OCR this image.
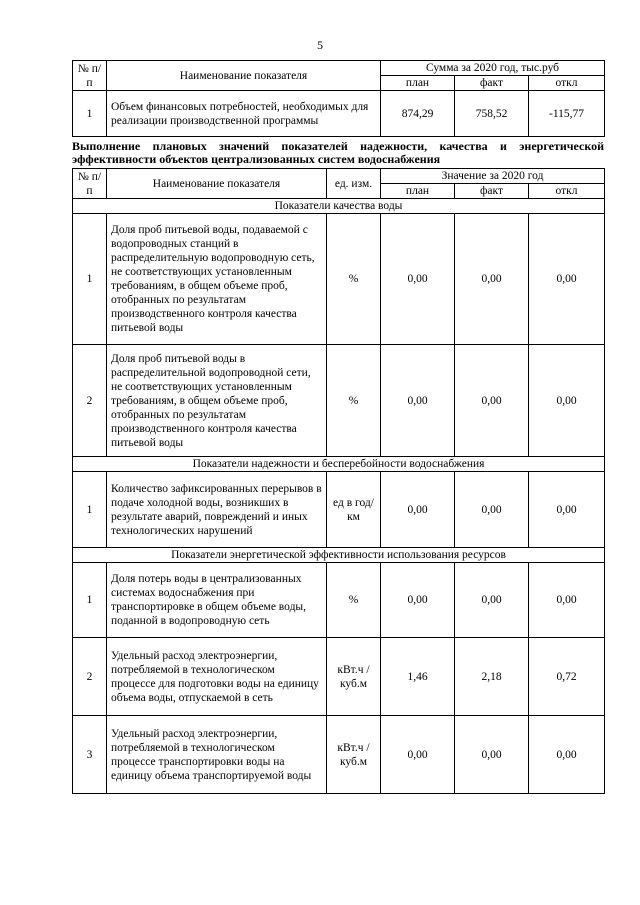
5
№ п/п	Наименование показателя	Сумма за 2020 год, тыс.руб		
		план	факт	откл
1	Объем финансовых потребностей, необходимых для реализации производственной программы	874,29	758,52	-115,77
Выполнение плановых значений показателей надежности, качества и энергетической эффективности объектов централизованных систем водоснабжения
№ п/п	Наименование показателя	ед. изм.	Значение за 2020 год		
			план	факт	откл
Показатели качества воды					
1	Доля проб питьевой воды, подаваемой с водопроводных станций в распределительную водопроводную сеть, не соответствующих установленным требованиям, в общем объеме проб, отобранных по результатам производственного контроля качества питьевой воды	%	0,00	0,00	0,00
2	Доля проб питьевой воды в распределительной водопроводной сети, не соответствующих установленным требованиям, в общем объеме проб, отобранных по результатам производственного контроля качества питьевой воды	%	0,00	0,00	0,00
Показатели надежности и бесперебойности водоснабжения					
1	Количество зафиксированных перерывов в подаче холодной воды, возникших в результате аварий, повреждений и иных технологических нарушений	ед в год/ км	0,00	0,00	0,00
Показатели энергетической эффективности использования ресурсов					
1	Доля потерь воды в централизованных системах водоснабжения при транспортировке в общем объеме воды, поданной в водопроводную сеть	%	0,00	0,00	0,00
2	Удельный расход электроэнергии, потребляемой в технологическом процессе для подготовки воды на единицу объема воды, отпускаемой в сеть	кВт.ч / куб.м	1,46	2,18	0,72
3	Удельный расход электроэнергии, потребляемой в технологическом процессе транспортировки воды на единицу объема транспортируемой воды	кВт.ч / куб.м	0,00	0,00	0,00
